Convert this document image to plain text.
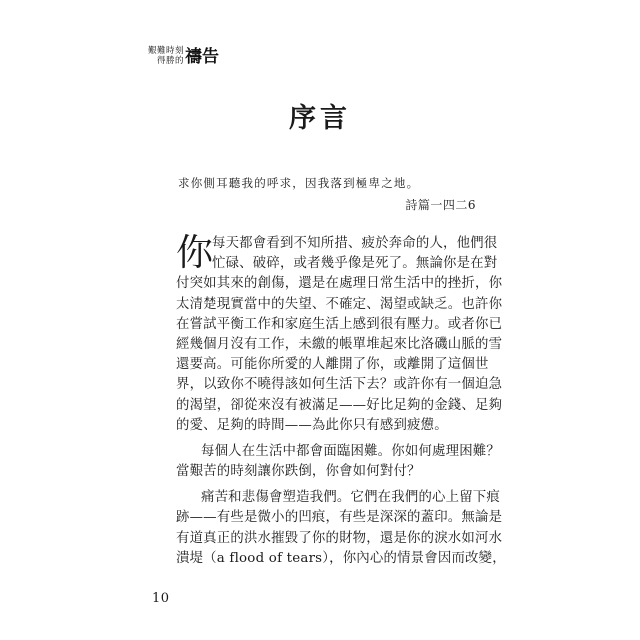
艱難時刻
得勝的 禱告
序言
求你側耳聽我的呼求，因我落到極卑之地。
詩篇一四二6
你 每天都會看到不知所措、疲於奔命的人，他們很
忙碌、破碎，或者幾乎像是死了。無論你是在對
付突如其來的創傷，還是在處理日常生活中的挫折，你
太清楚現實當中的失望、不確定、渴望或缺乏。也許你
在嘗試平衡工作和家庭生活上感到很有壓力。或者你已
經幾個月沒有工作，未繳的帳單堆起來比洛磯山脈的雪
還要高。可能你所愛的人離開了你，或離開了這個世
界，以致你不曉得該如何生活下去？或許你有一個迫急
的渴望，卻從來沒有被滿足——好比足夠的金錢、足夠
的愛、足夠的時間——為此你只有感到疲憊。
每個人在生活中都會面臨困難。你如何處理困難？
當艱苦的時刻讓你跌倒，你會如何對付？
痛苦和悲傷會塑造我們。它們在我們的心上留下痕
跡——有些是微小的凹痕，有些是深深的蓋印。無論是
有道真正的洪水摧毀了你的財物，還是你的淚水如河水
潰堤（a flood of tears），你內心的情景會因而改變，
10
